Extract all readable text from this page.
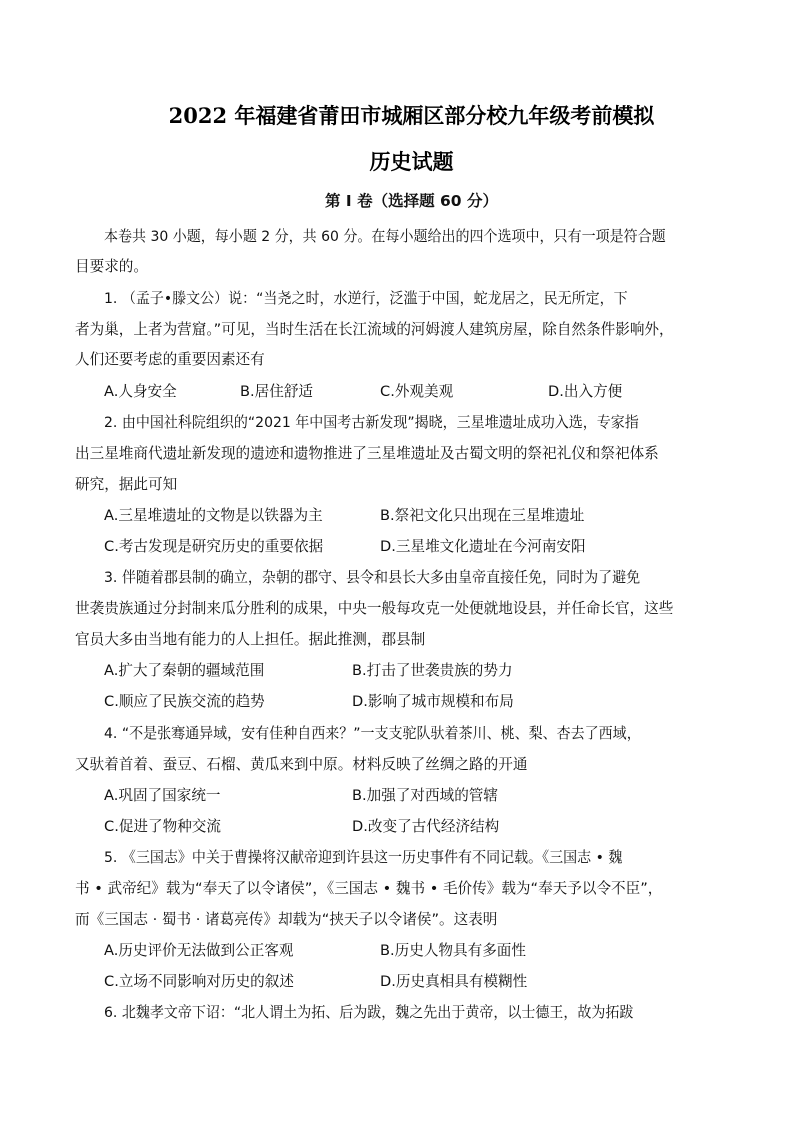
2022 年福建省莆田市城厢区部分校九年级考前模拟
历史试题
第 I 卷（选择题 60 分）
本卷共 30 小题，每小题 2 分，共 60 分。在每小题给出的四个选项中，只有一项是符合题
目要求的。
1. （孟子•滕文公）说：“当尧之时，水逆行，泛滥于中国，蛇龙居之，民无所定，下
者为巢，上者为营窟。”可见，当时生活在长江流域的河姆渡人建筑房屋，除自然条件影响外，
人们还要考虑的重要因素还有
A.人身安全	B.居住舒适	C.外观美观	D.出入方便
2. 由中国社科院组织的“2021 年中国考古新发现”揭晓，三星堆遗址成功入选，专家指
出三星堆商代遗址新发现的遗迹和遗物推进了三星堆遗址及古蜀文明的祭祀礼仪和祭祀体系
研究，据此可知
A.三星堆遗址的文物是以铁器为主	B.祭祀文化只出现在三星堆遗址
C.考古发现是研究历史的重要依据	D.三星堆文化遗址在今河南安阳
3. 伴随着郡县制的确立，杂朝的郡守、县令和县长大多由皇帝直接任免，同时为了避免
世袭贵族通过分封制来瓜分胜利的成果，中央一般每攻克一处便就地设县，并任命长官，这些
官员大多由当地有能力的人上担任。据此推测，郡县制
A.扩大了秦朝的疆域范围	B.打击了世袭贵族的势力
C.顺应了民族交流的趋势	D.影响了城市规模和布局
4. “不是张骞通异域，安有佳种自西来？”一支支驼队驮着茶川、桃、梨、杏去了西域，
又驮着首着、蚕豆、石榴、黄瓜来到中原。材料反映了丝绸之路的开通
A.巩固了国家统一	B.加强了对西域的管辖
C.促进了物种交流	D.改变了古代经济结构
5. 《三国志》中关于曹操将汉献帝迎到许县这一历史事件有不同记载。《三国志 • 魏
书 • 武帝纪》载为“奉天了以令诸侯”，《三国志 • 魏书 • 毛价传》载为“奉天予以令不臣”，
而《三国志 · 蜀书 · 诸葛亮传》却载为“挟天子以令诸侯”。这表明
A.历史评价无法做到公正客观	B.历史人物具有多面性
C.立场不同影响对历史的叙述	D.历史真相具有模糊性
6. 北魏孝文帝下诏：“北人谓土为拓、后为跋，魏之先出于黄帝，以士德王，故为拓跋
